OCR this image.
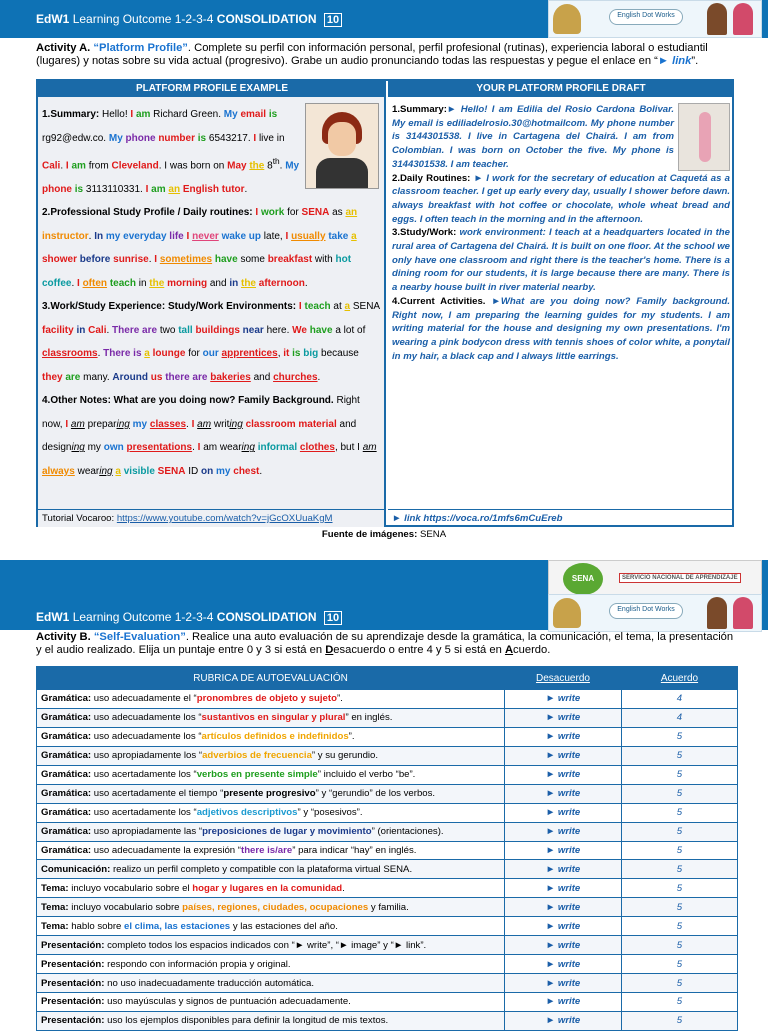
EdW1 Learning Outcome 1-2-3-4 CONSOLIDATION 10	English Dot Works
Activity A. “Platform Profile”. Complete su perfil con información personal, perfil profesional (rutinas), experiencia laboral o estudiantil (lugares) y notas sobre su vida actual (progresivo). Grabe un audio pronunciando todas las respuestas y pegue el enlace en “► link”.
PLATFORM PROFILE EXAMPLE	YOUR PLATFORM PROFILE DRAFT
1.Summary: Hello! I am Richard Green. My email is rg92@edw.co. My phone number is 6543217. I live in Cali. I am from Cleveland. I was born on May the 8th. My phone is 3113110331. I am an English tutor.
2.Professional Study Profile / Daily routines: I work for SENA as an instructor. In my everyday life I never wake up late, I usually take a shower before sunrise. I sometimes have some breakfast with hot coffee. I often teach in the morning and in the afternoon.
3.Work/Study Experience: Study/Work Environments: I teach at a SENA facility in Cali. There are two tall buildings near here. We have a lot of classrooms. There is a lounge for our apprentices, it is big because they are many. Around us there are bakeries and churches.
4.Other Notes: What are you doing now? Family Background. Right now, I am preparing my classes. I am writing classroom material and designing my own presentations. I am wearing informal clothes, but I am always wearing a visible SENA ID on my chest.
1.Summary:► Hello! I am Edilia del Rosio Cardona Bolivar. My email is ediliadelrosio.30@hotmailcom. My phone number is 3144301538. I live in Cartagena del Chairá. I am from Colombian. I was born on October the five. My phone is 3144301538. I am teacher.
2.Daily Routines: ► I work for the secretary of education at Caquetá as a classroom teacher. I get up early every day, usually I shower before dawn. always breakfast with hot coffee or chocolate, whole wheat bread and eggs. I often teach in the morning and in the afternoon.
3.Study/Work: work environment: I teach at a headquarters located in the rural area of Cartagena del Chairá. It is built on one floor. At the school we only have one classroom and right there is the teacher's home. There is a dining room for our students, it is large because there are many. There is a nearby house built in river material nearby.
4.Current Activities. ►What are you doing now? Family background. Right now, I am preparing the learning guides for my students. I am writing material for the house and designing my own presentations. I'm wearing a pink bodycon dress with tennis shoes of color white, a ponytail in my hair, a black cap and I always little earrings.
Tutorial Vocaroo: https://www.youtube.com/watch?v=jGcOXUuaKgM	► link https://voca.ro/1mfs6mCuEreb
Fuente de imágenes: SENA
EdW1 Learning Outcome 1-2-3-4 CONSOLIDATION 10
SENA	SERVICIO NACIONAL DE APRENDIZAJE
English Dot Works
Activity B. “Self-Evaluation”. Realice una auto evaluación de su aprendizaje desde la gramática, la comunicación, el tema, la presentación y el audio realizado. Elija un puntaje entre 0 y 3 si está en Desacuerdo o entre 4 y 5 si está en Acuerdo.
RUBRICA DE AUTOEVALUACIÓN	Desacuerdo	Acuerdo
Gramática: uso adecuadamente el “pronombres de objeto y sujeto”.	► write	4
Gramática: uso adecuadamente los “sustantivos en singular y plural” en inglés.	► write	4
Gramática: uso adecuadamente los “artículos definidos e indefinidos”.	► write	5
Gramática: uso apropiadamente los “adverbios de frecuencia” y su gerundio.	► write	5
Gramática: uso acertadamente los “verbos en presente simple” incluido el verbo “be”.	► write	5
Gramática: uso acertadamente el tiempo “presente progresivo” y “gerundio” de los verbos.	► write	5
Gramática: uso acertadamente los “adjetivos descriptivos” y “posesivos”.	► write	5
Gramática: uso apropiadamente las “preposiciones de lugar y movimiento” (orientaciones).	► write	5
Gramática: uso adecuadamente la expresión “there is/are” para indicar “hay” en inglés.	► write	5
Comunicación: realizo un perfil completo y compatible con la plataforma virtual SENA.	► write	5
Tema: incluyo vocabulario sobre el hogar y lugares en la comunidad.	► write	5
Tema: incluyo vocabulario sobre países, regiones, ciudades, ocupaciones y familia.	► write	5
Tema: hablo sobre el clima, las estaciones y las estaciones del año.	► write	5
Presentación: completo todos los espacios indicados con “► write”, “► image” y “► link”.	► write	5
Presentación: respondo con información propia y original.	► write	5
Presentación: no uso inadecuadamente traducción automática.	► write	5
Presentación: uso mayúsculas y signos de puntuación adecuadamente.	► write	5
Presentación: uso los ejemplos disponibles para definir la longitud de mis textos.	► write	5
